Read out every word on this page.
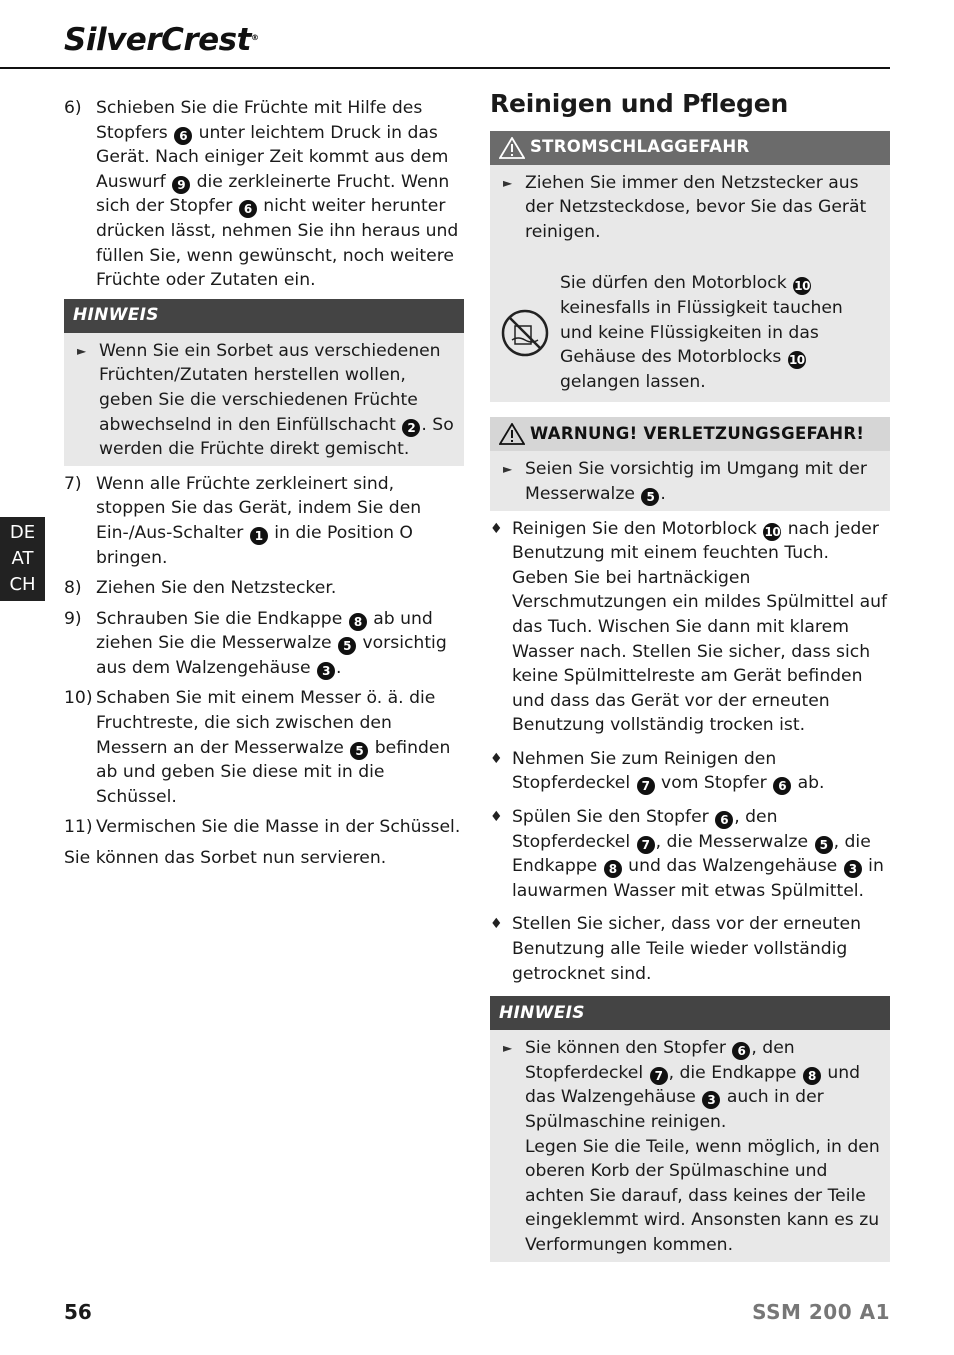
SilverCrest®
6) Schieben Sie die Früchte mit Hilfe des Stopfers 6 unter leichtem Druck in das Gerät. Nach einiger Zeit kommt aus dem Auswurf 9 die zerkleinerte Frucht. Wenn sich der Stopfer 6 nicht weiter herunter drücken lässt, nehmen Sie ihn heraus und füllen Sie, wenn gewünscht, noch weitere Früchte oder Zutaten ein.
HINWEIS
► Wenn Sie ein Sorbet aus verschiedenen Früchten/Zutaten herstellen wollen, geben Sie die verschiedenen Früchte abwechselnd in den Einfüllschacht 2 . So werden die Früchte direkt gemischt.
7) Wenn alle Früchte zerkleinert sind, stoppen Sie das Gerät, indem Sie den Ein-/Aus-Schalter 1 in die Position O bringen.
8) Ziehen Sie den Netzstecker.
9) Schrauben Sie die Endkappe 8 ab und ziehen Sie die Messerwalze 5 vorsichtig aus dem Walzengehäuse 3 .
10) Schaben Sie mit einem Messer ö. ä. die Fruchtreste, die sich zwischen den Messern an der Messerwalze 5 befinden ab und geben Sie diese mit in die Schüssel.
11) Vermischen Sie die Masse in der Schüssel.
Sie können das Sorbet nun servieren.
Reinigen und Pflegen
STROMSCHLAGGEFAHR
► Ziehen Sie immer den Netzstecker aus der Netzsteckdose, bevor Sie das Gerät reinigen.
Sie dürfen den Motorblock 10 keinesfalls in Flüssigkeit tauchen und keine Flüssigkeiten in das Gehäuse des Motorblocks 10 gelangen lassen.
WARNUNG! VERLETZUNGSGEFAHR!
► Seien Sie vorsichtig im Umgang mit der Messerwalze 5 .
♦ Reinigen Sie den Motorblock 10 nach jeder Benutzung mit einem feuchten Tuch. Geben Sie bei hartnäckigen Verschmutzungen ein mildes Spülmittel auf das Tuch. Wischen Sie dann mit klarem Wasser nach. Stellen Sie sicher, dass sich keine Spülmittelreste am Gerät befinden und dass das Gerät vor der erneuten Benutzung vollständig trocken ist.
♦ Nehmen Sie zum Reinigen den Stopferdeckel 7 vom Stopfer 6 ab.
♦ Spülen Sie den Stopfer 6 , den Stopferdeckel 7 , die Messerwalze 5 , die Endkappe 8 und das Walzengehäuse 3 in lauwarmen Wasser mit etwas Spülmittel.
♦ Stellen Sie sicher, dass vor der erneuten Benutzung alle Teile wieder vollständig getrocknet sind.
HINWEIS
► Sie können den Stopfer 6 , den Stopferdeckel 7 , die Endkappe 8 und das Walzengehäuse 3 auch in der Spülmaschine reinigen.
Legen Sie die Teile, wenn möglich, in den oberen Korb der Spülmaschine und achten Sie darauf, dass keines der Teile eingeklemmt wird. Ansonsten kann es zu Verformungen kommen.
DE
AT
CH
56	SSM 200 A1
